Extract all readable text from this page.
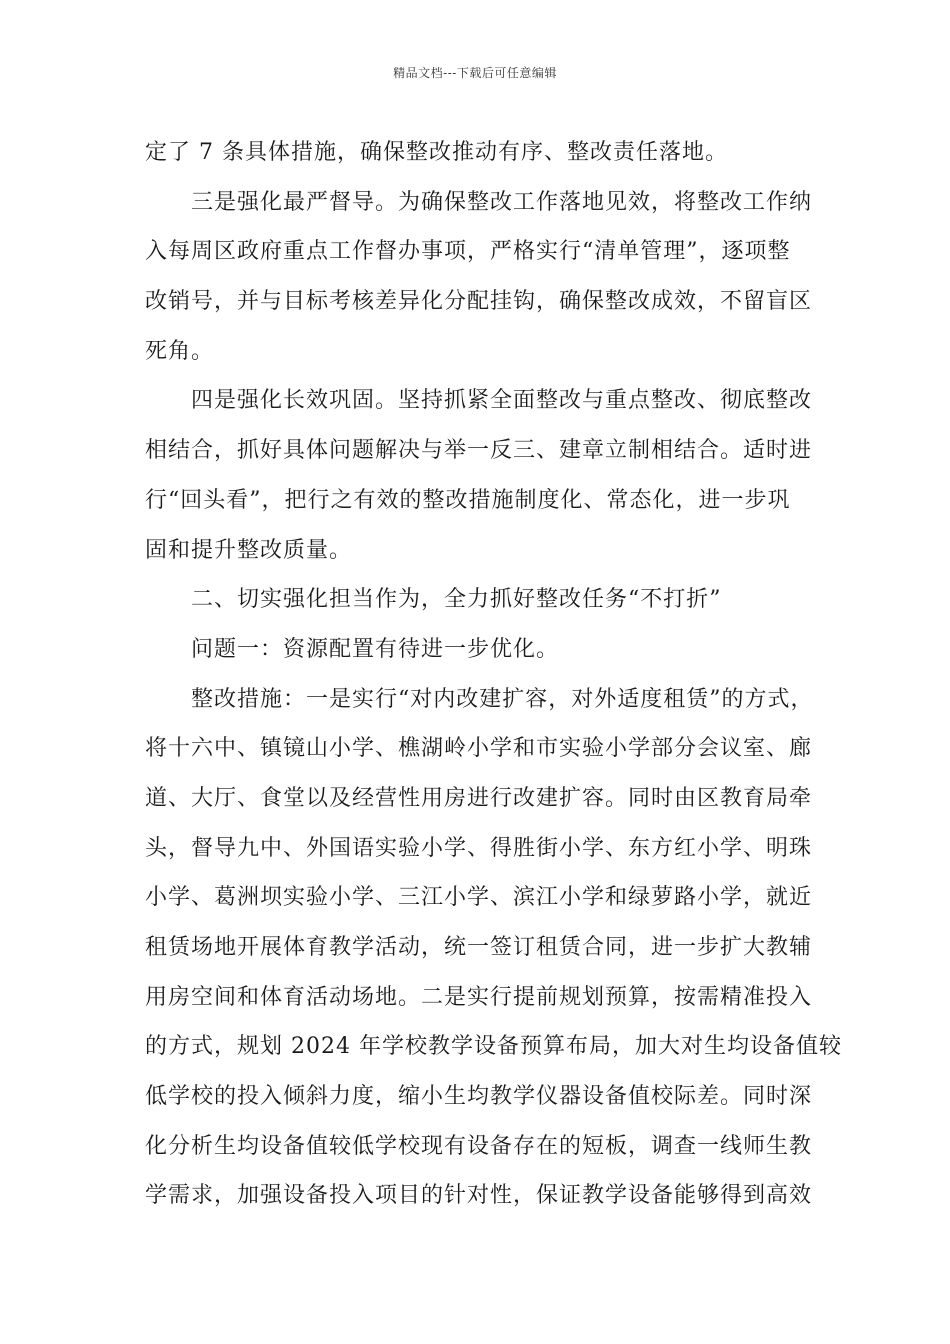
精品文档---下载后可任意编辑
定了 7 条具体措施，确保整改推动有序、整改责任落地。
三是强化最严督导。为确保整改工作落地见效，将整改工作纳
入每周区政府重点工作督办事项，严格实行“清单管理”，逐项整
改销号，并与目标考核差异化分配挂钩，确保整改成效，不留盲区
死角。
四是强化长效巩固。坚持抓紧全面整改与重点整改、彻底整改
相结合，抓好具体问题解决与举一反三、建章立制相结合。适时进
行“回头看”，把行之有效的整改措施制度化、常态化，进一步巩
固和提升整改质量。
二、切实强化担当作为，全力抓好整改任务“不打折”
问题一：资源配置有待进一步优化。
整改措施：一是实行“对内改建扩容，对外适度租赁”的方式，
将十六中、镇镜山小学、樵湖岭小学和市实验小学部分会议室、廊
道、大厅、食堂以及经营性用房进行改建扩容。同时由区教育局牵
头，督导九中、外国语实验小学、得胜街小学、东方红小学、明珠
小学、葛洲坝实验小学、三江小学、滨江小学和绿萝路小学，就近
租赁场地开展体育教学活动，统一签订租赁合同，进一步扩大教辅
用房空间和体育活动场地。二是实行提前规划预算，按需精准投入
的方式，规划 2024 年学校教学设备预算布局，加大对生均设备值较
低学校的投入倾斜力度，缩小生均教学仪器设备值校际差。同时深
化分析生均设备值较低学校现有设备存在的短板，调查一线师生教
学需求，加强设备投入项目的针对性，保证教学设备能够得到高效
